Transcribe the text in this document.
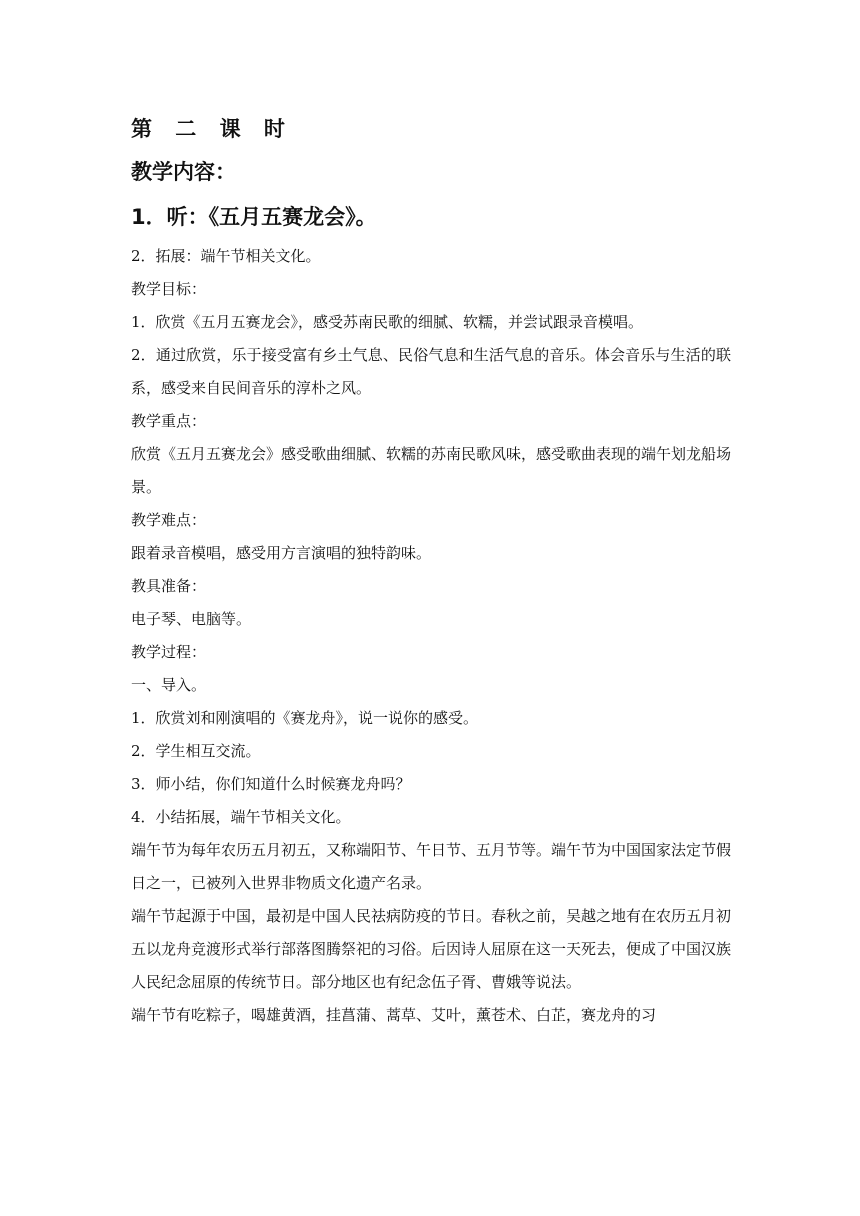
第 二 课 时

教学内容：

1．听：《五月五赛龙会》。

2．拓展：端午节相关文化。

教学目标：

1．欣赏《五月五赛龙会》，感受苏南民歌的细腻、软糯，并尝试跟录音模唱。

2．通过欣赏，乐于接受富有乡土气息、民俗气息和生活气息的音乐。体会音乐与生活的联系，感受来自民间音乐的淳朴之风。

教学重点：

欣赏《五月五赛龙会》感受歌曲细腻、软糯的苏南民歌风味，感受歌曲表现的端午划龙船场景。

教学难点：

跟着录音模唱，感受用方言演唱的独特韵味。

教具准备：

电子琴、电脑等。

教学过程：

一、导入。

1．欣赏刘和刚演唱的《赛龙舟》，说一说你的感受。

2．学生相互交流。

3．师小结，你们知道什么时候赛龙舟吗？

4．小结拓展，端午节相关文化。

端午节为每年农历五月初五，又称端阳节、午日节、五月节等。端午节为中国国家法定节假日之一，已被列入世界非物质文化遗产名录。

端午节起源于中国，最初是中国人民祛病防疫的节日。春秋之前，吴越之地有在农历五月初五以龙舟竞渡形式举行部落图腾祭祀的习俗。后因诗人屈原在这一天死去，便成了中国汉族人民纪念屈原的传统节日。部分地区也有纪念伍子胥、曹娥等说法。

端午节有吃粽子，喝雄黄酒，挂菖蒲、蒿草、艾叶，薰苍术、白芷，赛龙舟的习
